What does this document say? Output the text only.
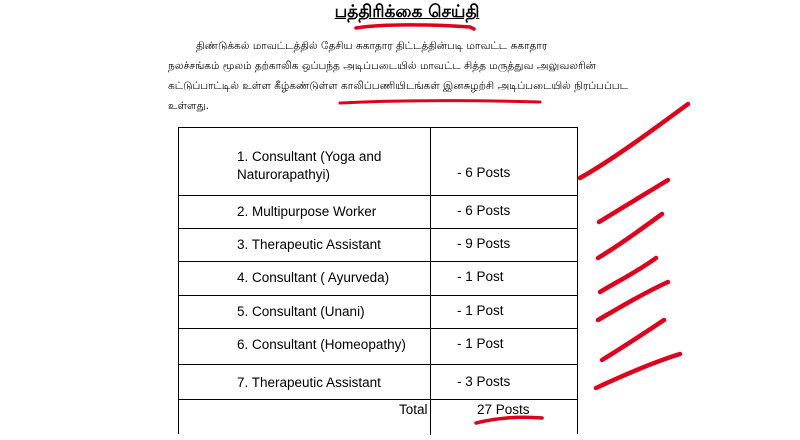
பத்திரிக்கை செய்தி
திண்டுக்கல் மாவட்டத்தில் தேசிய சுகாதார திட்டத்தின்படி மாவட்ட சுகாதார
நலச்சங்கம் மூலம் தற்காலிக ஒப்பந்த அடிப்படையில் மாவட்ட சித்த மருத்துவ அலுவலரின்
கட்டுப்பாட்டில் உள்ள கீழ்கண்டுள்ள காலிப்பணியிடங்கள் இனசுழற்சி அடிப்படையில் நிரப்பப்பட
உள்ளது.
1. Consultant (Yoga and Naturorapathyi)	- 6 Posts
2. Multipurpose Worker	- 6 Posts
3. Therapeutic Assistant	- 9 Posts
4. Consultant ( Ayurveda)	- 1 Post
5. Consultant (Unani)	- 1 Post
6. Consultant (Homeopathy)	- 1 Post
7. Therapeutic Assistant	- 3 Posts
Total	27 Posts
